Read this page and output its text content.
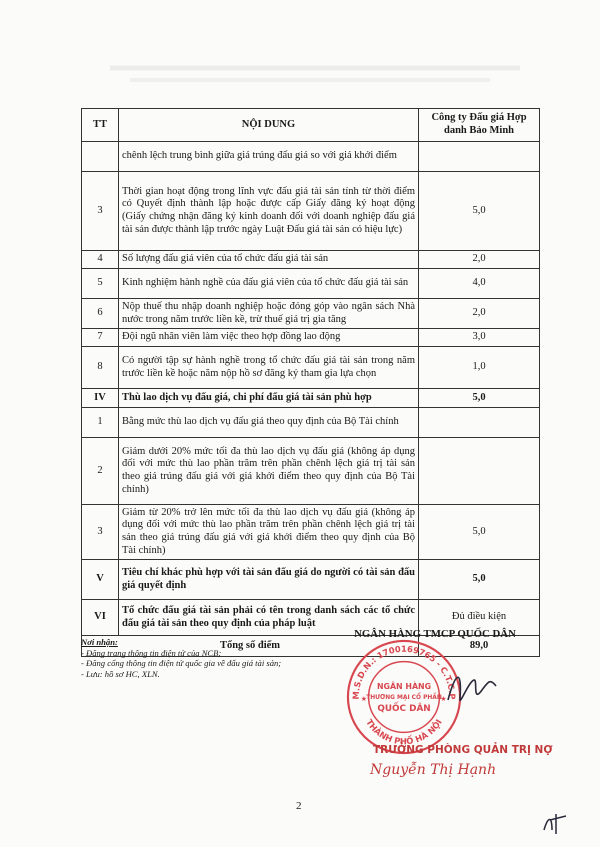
TT	NỘI DUNG	Công ty Đấu giá Hợp danh Bảo Minh
	chênh lệch trung bình giữa giá trúng đấu giá so với giá khởi điểm	
3	Thời gian hoạt động trong lĩnh vực đấu giá tài sản tính từ thời điểm có Quyết định thành lập hoặc được cấp Giấy đăng ký hoạt động (Giấy chứng nhận đăng ký kinh doanh đối với doanh nghiệp đấu giá tài sản được thành lập trước ngày Luật Đấu giá tài sản có hiệu lực)	5,0
4	Số lượng đấu giá viên của tổ chức đấu giá tài sản	2,0
5	Kinh nghiệm hành nghề của đấu giá viên của tổ chức đấu giá tài sản	4,0
6	Nộp thuế thu nhập doanh nghiệp hoặc đóng góp vào ngân sách Nhà nước trong năm trước liền kề, trừ thuế giá trị gia tăng	2,0
7	Đội ngũ nhân viên làm việc theo hợp đồng lao động	3,0
8	Có người tập sự hành nghề trong tổ chức đấu giá tài sản trong năm trước liền kề hoặc năm nộp hồ sơ đăng ký tham gia lựa chọn	1,0
IV	Thù lao dịch vụ đấu giá, chi phí đấu giá tài sản phù hợp	5,0
1	Bằng mức thù lao dịch vụ đấu giá theo quy định của Bộ Tài chính	
2	Giảm dưới 20% mức tối đa thù lao dịch vụ đấu giá (không áp dụng đối với mức thù lao phần trăm trên phần chênh lệch giá trị tài sản theo giá trúng đấu giá với giá khởi điểm theo quy định của Bộ Tài chính)	
3	Giảm từ 20% trở lên mức tối đa thù lao dịch vụ đấu giá (không áp dụng đối với mức thù lao phần trăm trên phần chênh lệch giá trị tài sản theo giá trúng đấu giá với giá khởi điểm theo quy định của Bộ Tài chính)	5,0
V	Tiêu chí khác phù hợp với tài sản đấu giá do người có tài sản đấu giá quyết định	5,0
VI	Tổ chức đấu giá tài sản phải có tên trong danh sách các tổ chức đấu giá tài sản theo quy định của pháp luật	Đủ điều kiện
Tổng số điểm		89,0
Nơi nhận:
- Đăng trang thông tin điện tử của NCB;
- Đăng cổng thông tin điện tử quốc gia về đấu giá tài sản;
- Lưu: hồ sơ HC, XLN.
NGÂN HÀNG TMCP QUỐC DÂN
M.S.D.N.: 1700169765 - C.T.C.P
THÀNH PHỐ HÀ NỘI
NGÂN HÀNG
THƯƠNG MẠI CỔ PHẦN
QUỐC DÂN
★	★
TRƯỞNG PHÒNG QUẢN TRỊ NỢ
Nguyễn Thị Hạnh
2
